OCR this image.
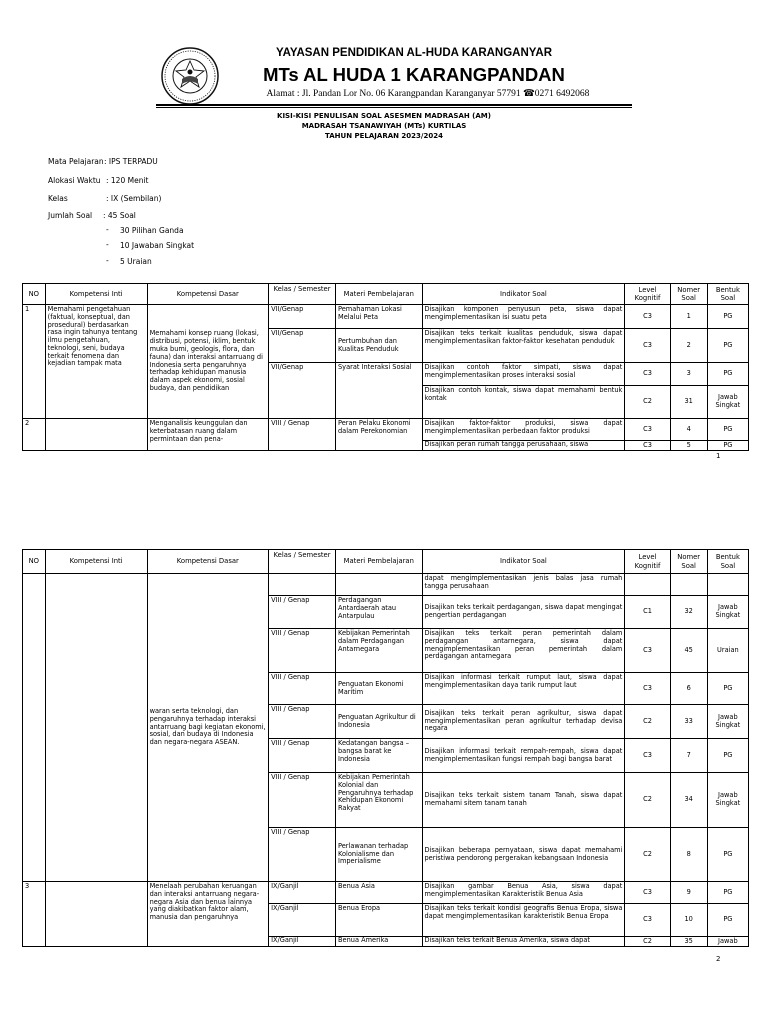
YAYASAN PENDIDIKAN AL-HUDA KARANGANYAR
MTs AL HUDA 1 KARANGPANDAN
Alamat : Jl. Pandan Lor No. 06 Karangpandan Karanganyar 57791 ☎0271 6492068
KISI-KISI PENULISAN SOAL ASESMEN MADRASAH (AM)
MADRASAH TSANAWIYAH (MTs) KURTILAS
TAHUN PELAJARAN 2023/2024
Mata Pelajaran : IPS TERPADU
Alokasi Waktu : 120 Menit
Kelas	: IX (Sembilan)
Jumlah Soal : 45 Soal
- 30 Pilihan Ganda
- 10 Jawaban Singkat
- 5 Uraian
NO	Kompetensi Inti	Kompetensi Dasar	Kelas / Semester	Materi Pembelajaran	Indikator Soal	Level Kognitif	Nomer Soal	Bentuk Soal
1	Memahami pengetahuan (faktual, konseptual, dan prosedural) berdasarkan rasa ingin tahunya tentang ilmu pengetahuan, teknologi, seni, budaya terkait fenomena dan kejadian tampak mata	Memahami konsep ruang (lokasi, distribusi, potensi, iklim, bentuk muka bumi, geologis, flora, dan fauna) dan interaksi antarruang di Indonesia serta pengaruhnya terhadap kehidupan manusia dalam aspek ekonomi, sosial budaya, dan pendidikan	VII/Genap	Pemahaman Lokasi Melalui Peta	Disajikan komponen penyusun peta, siswa dapat mengimplementasikan isi suatu peta	C3	1	PG
			VII/Genap	Pertumbuhan dan Kualitas Penduduk	Disajikan teks terkait kualitas penduduk, siswa dapat mengimplementasikan faktor-faktor kesehatan penduduk	C3	2	PG
			VII/Genap	Syarat Interaksi Sosial	Disajikan contoh faktor simpati, siswa dapat mengimplementasikan proses interaksi sosial	C3	3	PG
					Disajikan contoh kontak, siswa dapat memahami bentuk kontak	C2	31	Jawab Singkat
2		Menganalisis keunggulan dan keterbatasan ruang dalam permintaan dan pena-	VIII / Genap	Peran Pelaku Ekonomi dalam Perekonomian	Disajikan faktor-faktor produksi, siswa dapat mengimplementasikan perbedaan faktor produksi	C3	4	PG
					Disajikan peran rumah tangga perusahaan, siswa	C3	5	PG
1
NO	Kompetensi Inti	Kompetensi Dasar	Kelas / Semester	Materi Pembelajaran	Indikator Soal	Level Kognitif	Nomer Soal	Bentuk Soal
		waran serta teknologi, dan pengaruhnya terhadap interaksi antarruang bagi kegiatan ekonomi, sosial, dan budaya di Indonesia dan negara-negara ASEAN.			dapat mengimplementasikan jenis balas jasa rumah tangga perusahaan			
			VIII / Genap	Perdagangan Antardaerah atau Antarpulau	Disajikan teks terkait perdagangan, siswa dapat mengingat pengertian perdagangan	C1	32	Jawab Singkat
			VIII / Genap	Kebijakan Pemerintah dalam Perdagangan Antarnegara	Disajikan teks terkait peran pemerintah dalam perdagangan antarnegara, siswa dapat mengimplementasikan peran pemerintah dalam perdagangan antarnegara	C3	45	Uraian
			VIII / Genap	Penguatan Ekonomi Maritim	Disajikan informasi terkait rumput laut, siswa dapat mengimplementasikan daya tarik rumput laut	C3	6	PG
			VIII / Genap	Penguatan Agrikultur di Indonesia	Disajikan teks terkait peran agrikultur, siswa dapat mengimplementasikan peran agrikultur terhadap devisa negara	C2	33	Jawab Singkat
			VIII / Genap	Kedatangan bangsa – bangsa barat ke Indonesia	Disajikan informasi terkait rempah-rempah, siswa dapat mengimplementasikan fungsi rempah bagi bangsa barat	C3	7	PG
			VIII / Genap	Kebijakan Pemerintah Kolonial dan Pengaruhnya terhadap Kehidupan Ekonomi Rakyat	Disajikan teks terkait sistem tanam Tanah, siswa dapat memahami sitem tanam tanah	C2	34	Jawab Singkat
			VIII / Genap	Perlawanan terhadap Kolonialisme dan Imperialisme	Disajikan beberapa pernyataan, siswa dapat memahami peristiwa pendorong pergerakan kebangsaan Indonesia	C2	8	PG
3		Menelaah perubahan keruangan dan interaksi antarruang negara-negara Asia dan benua lainnya yang diakibatkan faktor alam, manusia dan pengaruhnya	IX/Ganjil	Benua Asia	Disajikan gambar Benua Asia, siswa dapat mengimplementasikan Karakteristik Benua Asia	C3	9	PG
			IX/Ganjil	Benua Eropa	Disajikan teks terkait kondisi geografis Benua Eropa, siswa dapat mengimplementasikan karakteristik Benua Eropa	C3	10	PG
			IX/Ganjil	Benua Amerika	Disajikan teks terkait Benua Amerika, siswa dapat	C2	35	Jawab
2
